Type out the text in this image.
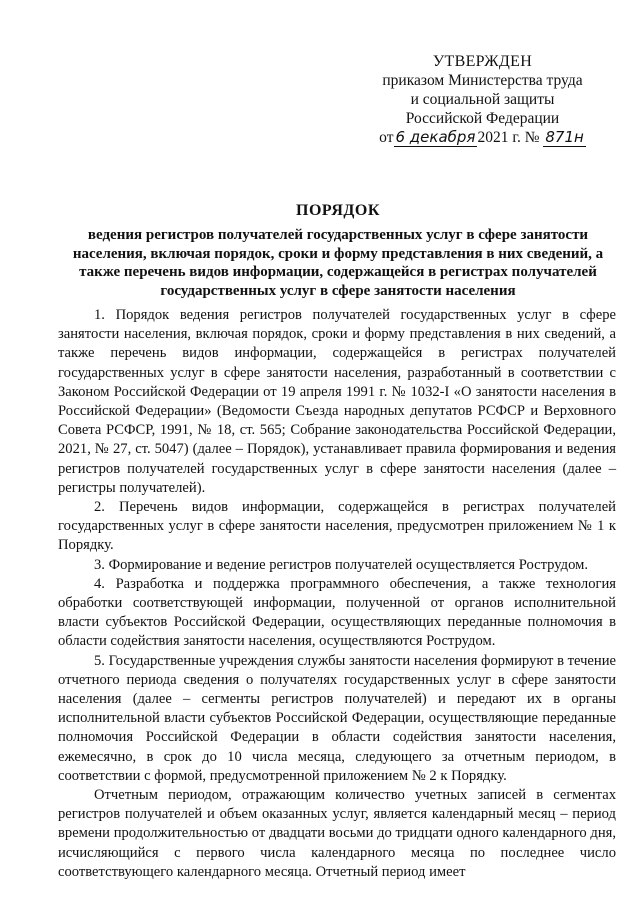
УТВЕРЖДЕН
приказом Министерства труда
и социальной защиты
Российской Федерации
от 6 декабря 2021 г. № 871н
ПОРЯДОК
ведения регистров получателей государственных услуг в сфере занятости населения, включая порядок, сроки и форму представления в них сведений, а также перечень видов информации, содержащейся в регистрах получателей государственных услуг в сфере занятости населения

1. Порядок ведения регистров получателей государственных услуг в сфере занятости населения, включая порядок, сроки и форму представления в них сведений, а также перечень видов информации, содержащейся в регистрах получателей государственных услуг в сфере занятости населения, разработанный в соответствии с Законом Российской Федерации от 19 апреля 1991 г. № 1032-I «О занятости населения в Российской Федерации» (Ведомости Съезда народных депутатов РСФСР и Верховного Совета РСФСР, 1991, № 18, ст. 565; Собрание законодательства Российской Федерации, 2021, № 27, ст. 5047) (далее – Порядок), устанавливает правила формирования и ведения регистров получателей государственных услуг в сфере занятости населения (далее – регистры получателей).

2. Перечень видов информации, содержащейся в регистрах получателей государственных услуг в сфере занятости населения, предусмотрен приложением № 1 к Порядку.

3. Формирование и ведение регистров получателей осуществляется Рострудом.

4. Разработка и поддержка программного обеспечения, а также технология обработки соответствующей информации, полученной от органов исполнительной власти субъектов Российской Федерации, осуществляющих переданные полномочия в области содействия занятости населения, осуществляются Рострудом.

5. Государственные учреждения службы занятости населения формируют в течение отчетного периода сведения о получателях государственных услуг в сфере занятости населения (далее – сегменты регистров получателей) и передают их в органы исполнительной власти субъектов Российской Федерации, осуществляющие переданные полномочия Российской Федерации в области содействия занятости населения, ежемесячно, в срок до 10 числа месяца, следующего за отчетным периодом, в соответствии с формой, предусмотренной приложением № 2 к Порядку.

Отчетным периодом, отражающим количество учетных записей в сегментах регистров получателей и объем оказанных услуг, является календарный месяц – период времени продолжительностью от двадцати восьми до тридцати одного календарного дня, исчисляющийся с первого числа календарного месяца по последнее число соответствующего календарного месяца. Отчетный период имеет
